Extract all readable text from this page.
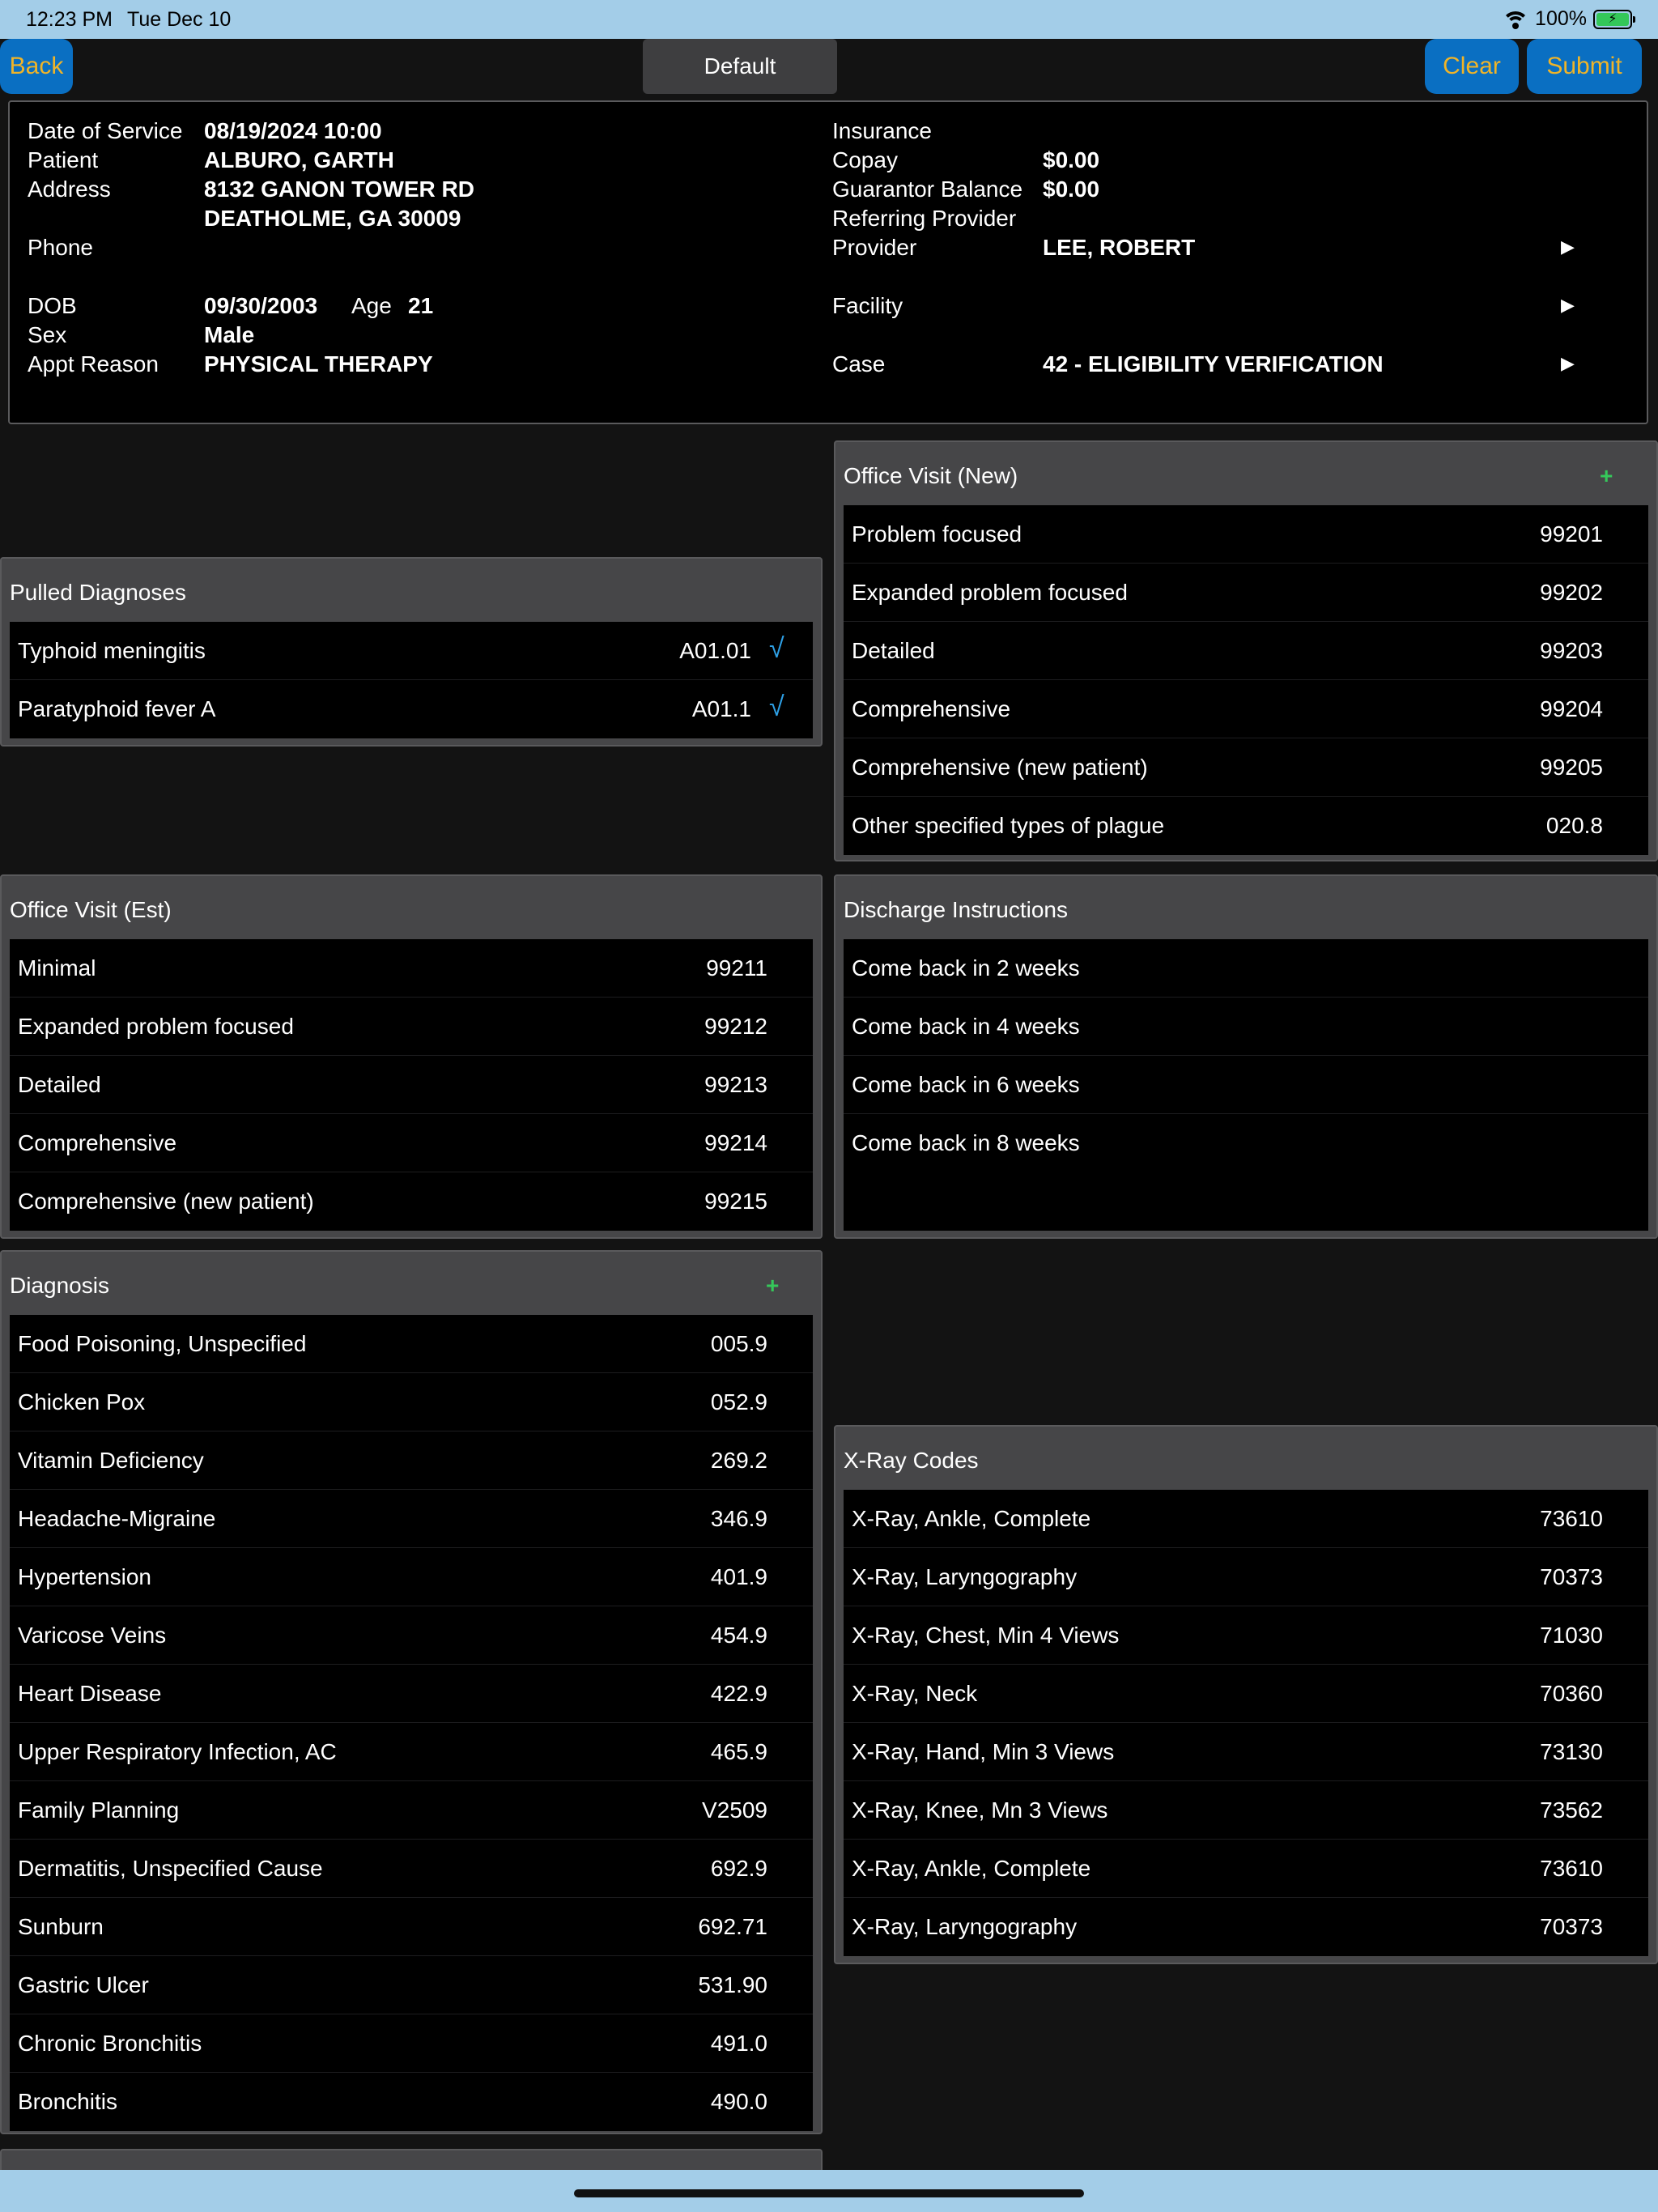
12:23 PM Tue Dec 10	100%	⚡
Back	Default	Clear	Submit
Date of Service 08/19/2024 10:00
Patient	ALBURO, GARTH
Address	8132 GANON TOWER RD
DEATHOLME, GA 30009
Phone
DOB	09/30/2003 Age 21
Sex	Male
Appt Reason PHYSICAL THERAPY
Insurance
Copay	$0.00
Guarantor Balance $0.00
Referring Provider
Provider	LEE, ROBERT	▶
Facility	▶
Case	42 - ELIGIBILITY VERIFICATION	▶
Pulled Diagnoses
Typhoid meningitis	A01.01 √
Paratyphoid fever A	A01.1 √
Office Visit (New)	+
Problem focused	99201
Expanded problem focused	99202
Detailed	99203
Comprehensive	99204
Comprehensive (new patient)	99205
Other specified types of plague	020.8
Office Visit (Est)
Minimal	99211
Expanded problem focused	99212
Detailed	99213
Comprehensive	99214
Comprehensive (new patient)	99215
Discharge Instructions
Come back in 2 weeks
Come back in 4 weeks
Come back in 6 weeks
Come back in 8 weeks
Diagnosis	+
Food Poisoning, Unspecified	005.9
Chicken Pox	052.9
Vitamin Deficiency	269.2
Headache-Migraine	346.9
Hypertension	401.9
Varicose Veins	454.9
Heart Disease	422.9
Upper Respiratory Infection, AC	465.9
Family Planning	V2509
Dermatitis, Unspecified Cause	692.9
Sunburn	692.71
Gastric Ulcer	531.90
Chronic Bronchitis	491.0
Bronchitis	490.0
X-Ray Codes
X-Ray, Ankle, Complete	73610
X-Ray, Laryngography	70373
X-Ray, Chest, Min 4 Views	71030
X-Ray, Neck	70360
X-Ray, Hand, Min 3 Views	73130
X-Ray, Knee, Mn 3 Views	73562
X-Ray, Ankle, Complete	73610
X-Ray, Laryngography	70373
